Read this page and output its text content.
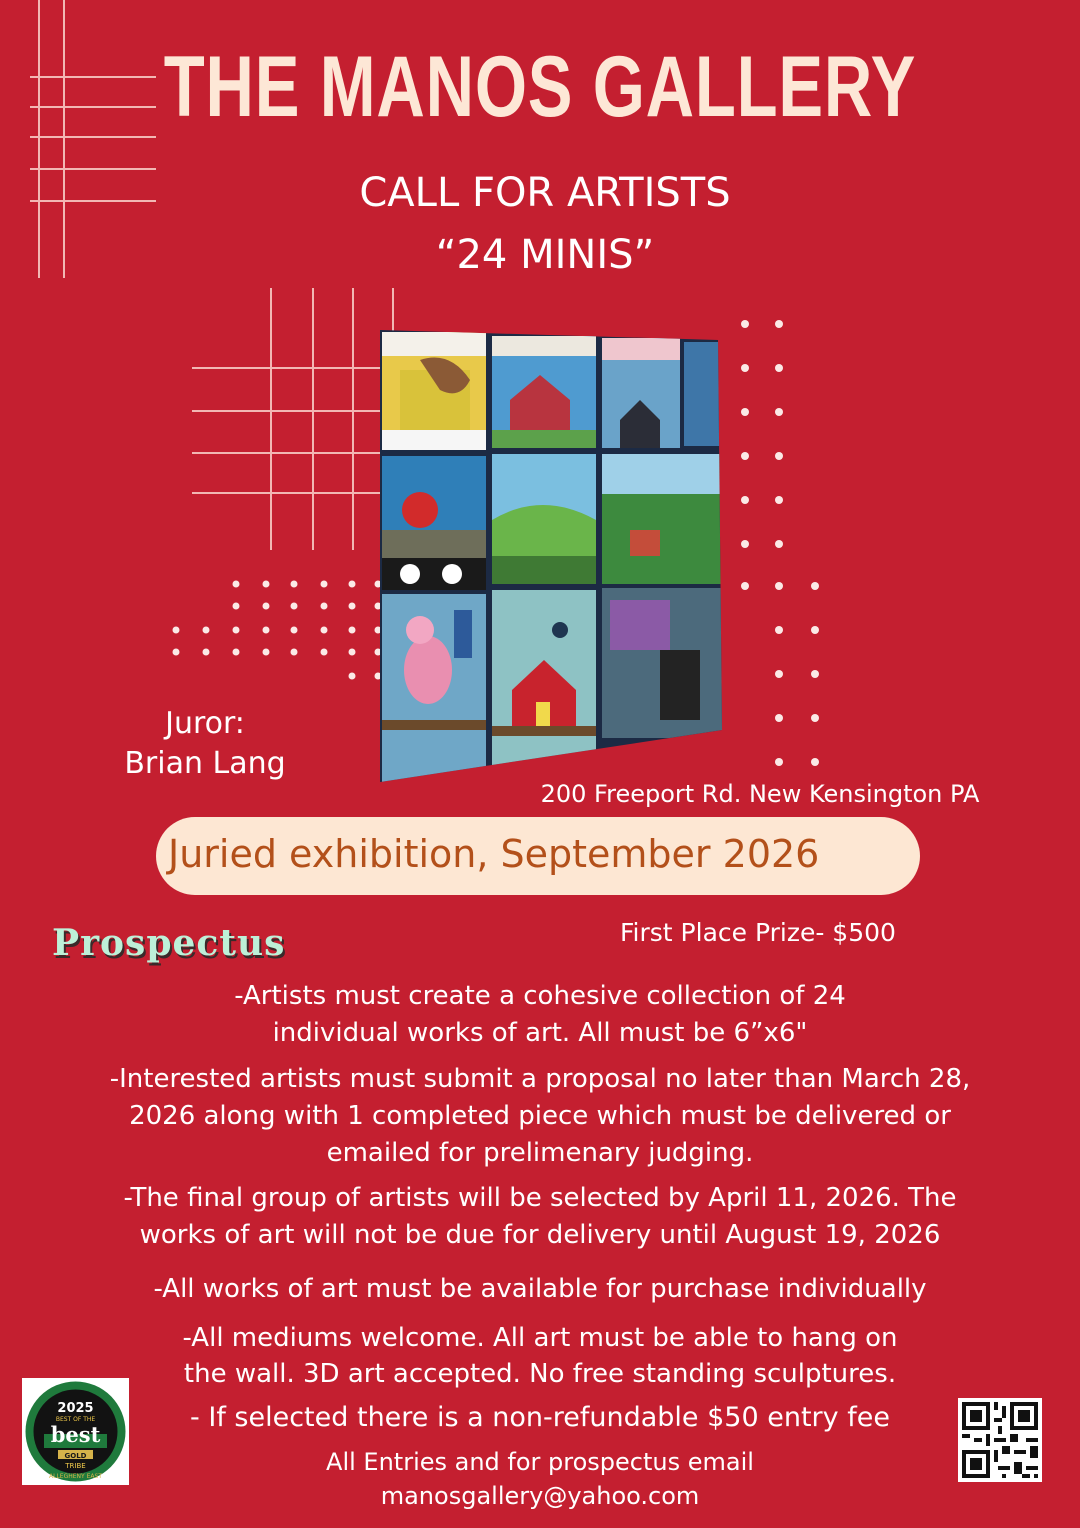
THE MANOS GALLERY
CALL FOR ARTISTS
“24 MINIS”
Juror:
Brian Lang
200 Freeport Rd. New Kensington PA
Juried exhibition, September 2026
Prospectus	First Place Prize- $500
-Artists must create a cohesive collection of 24
individual works of art. All must be 6”x6"
-Interested artists must submit a proposal no later than March 28,
2026 along with 1 completed piece which must be delivered or
emailed for prelimenary judging.
-The final group of artists will be selected by April 11, 2026. The
works of art will not be due for delivery until August 19, 2026
-All works of art must be available for purchase individually
-All mediums welcome. All art must be able to hang on
the wall. 3D art accepted. No free standing sculptures.
- If selected there is a non-refundable $50 entry fee
All Entries and for prospectus email
manosgallery@yahoo.com
2025
BEST OF THE
best
GOLD
TRIBE
ALLEGHENY EAST
